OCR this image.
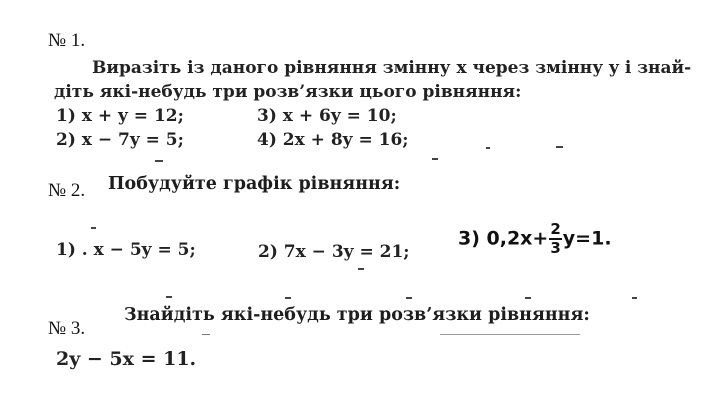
№ 1.
Виразіть із даного рівняння змінну x через змінну y і знай-
діть які-небудь три розв’язки цього рівняння:
1) x + y = 12;	3) x + 6y = 10;
2) x − 7y = 5;	4) 2x + 8y = 16;
№ 2. Побудуйте графік рівняння:
1) . x − 5y = 5;	2) 7x − 3y = 21;
3) $0,2x+ \frac{2}{3} y=1$.
Знайдіть які-небудь три розв’язки рівняння:
№ 3.
2y − 5x = 11.
